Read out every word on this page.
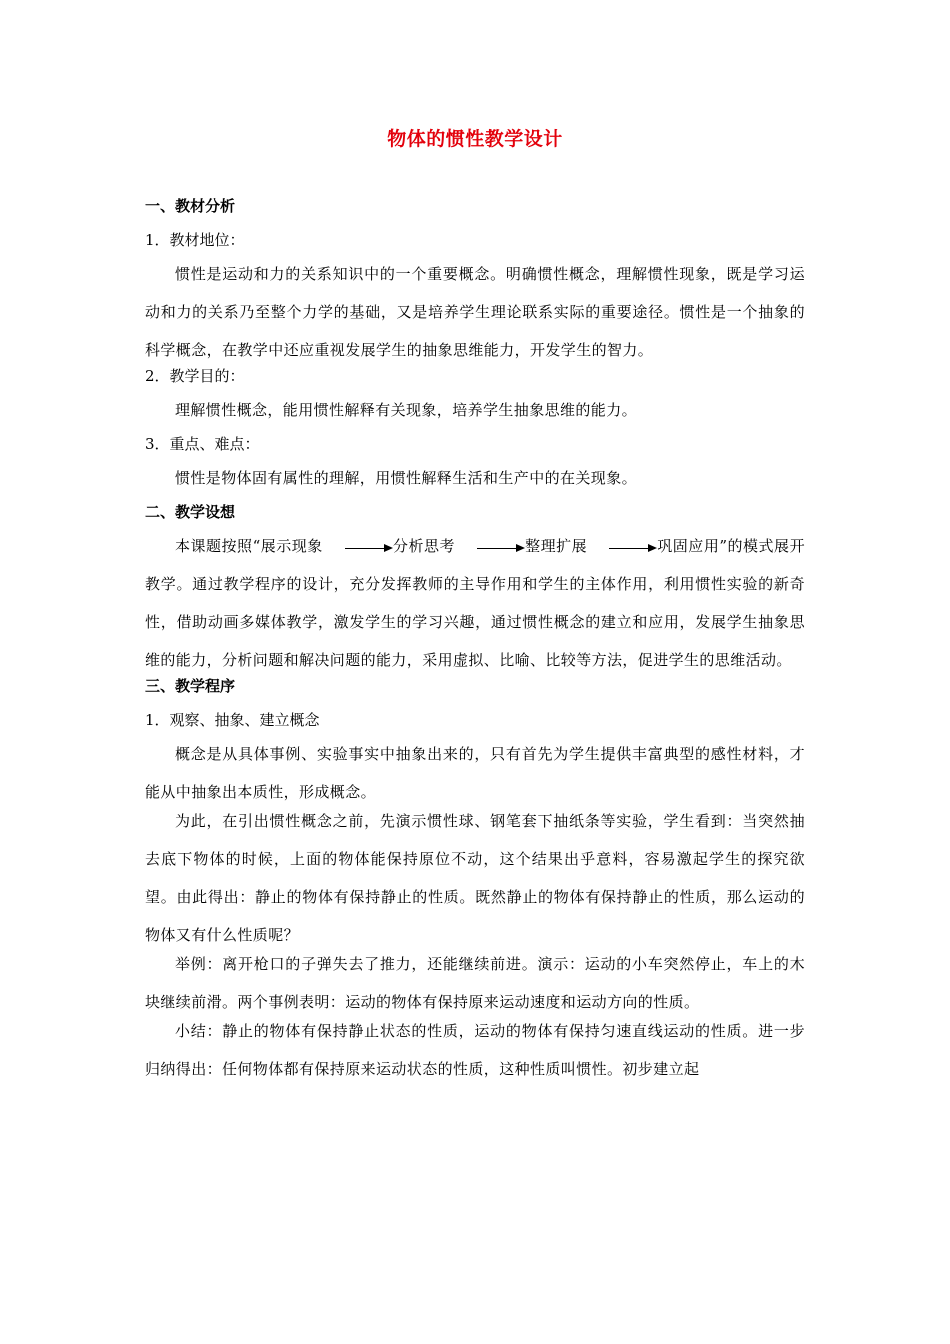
物体的惯性教学设计
一、教材分析
1．教材地位：
惯性是运动和力的关系知识中的一个重要概念。明确惯性概念，理解惯性现象，既是学习运动和力的关系乃至整个力学的基础，又是培养学生理论联系实际的重要途径。惯性是一个抽象的科学概念，在教学中还应重视发展学生的抽象思维能力，开发学生的智力。
2．教学目的：
理解惯性概念，能用惯性解释有关现象，培养学生抽象思维的能力。
3．重点、难点：
惯性是物体固有属性的理解，用惯性解释生活和生产中的在关现象。
二、教学设想
本课题按照“展示现象	分析思考	整理扩展	巩固应用”的模式展开教学。通过教学程序的设计，充分发挥教师的主导作用和学生的主体作用，利用惯性实验的新奇性，借助动画多媒体教学，激发学生的学习兴趣，通过惯性概念的建立和应用，发展学生抽象思维的能力，分析问题和解决问题的能力，采用虚拟、比喻、比较等方法，促进学生的思维活动。
三、教学程序
1．观察、抽象、建立概念
概念是从具体事例、实验事实中抽象出来的，只有首先为学生提供丰富典型的感性材料，才能从中抽象出本质性，形成概念。
为此，在引出惯性概念之前，先演示惯性球、钢笔套下抽纸条等实验，学生看到：当突然抽去底下物体的时候，上面的物体能保持原位不动，这个结果出乎意料，容易激起学生的探究欲望。由此得出：静止的物体有保持静止的性质。既然静止的物体有保持静止的性质，那么运动的物体又有什么性质呢？
举例：离开枪口的子弹失去了推力，还能继续前进。演示：运动的小车突然停止，车上的木块继续前滑。两个事例表明：运动的物体有保持原来运动速度和运动方向的性质。
小结：静止的物体有保持静止状态的性质，运动的物体有保持匀速直线运动的性质。进一步归纳得出：任何物体都有保持原来运动状态的性质，这种性质叫惯性。初步建立起
